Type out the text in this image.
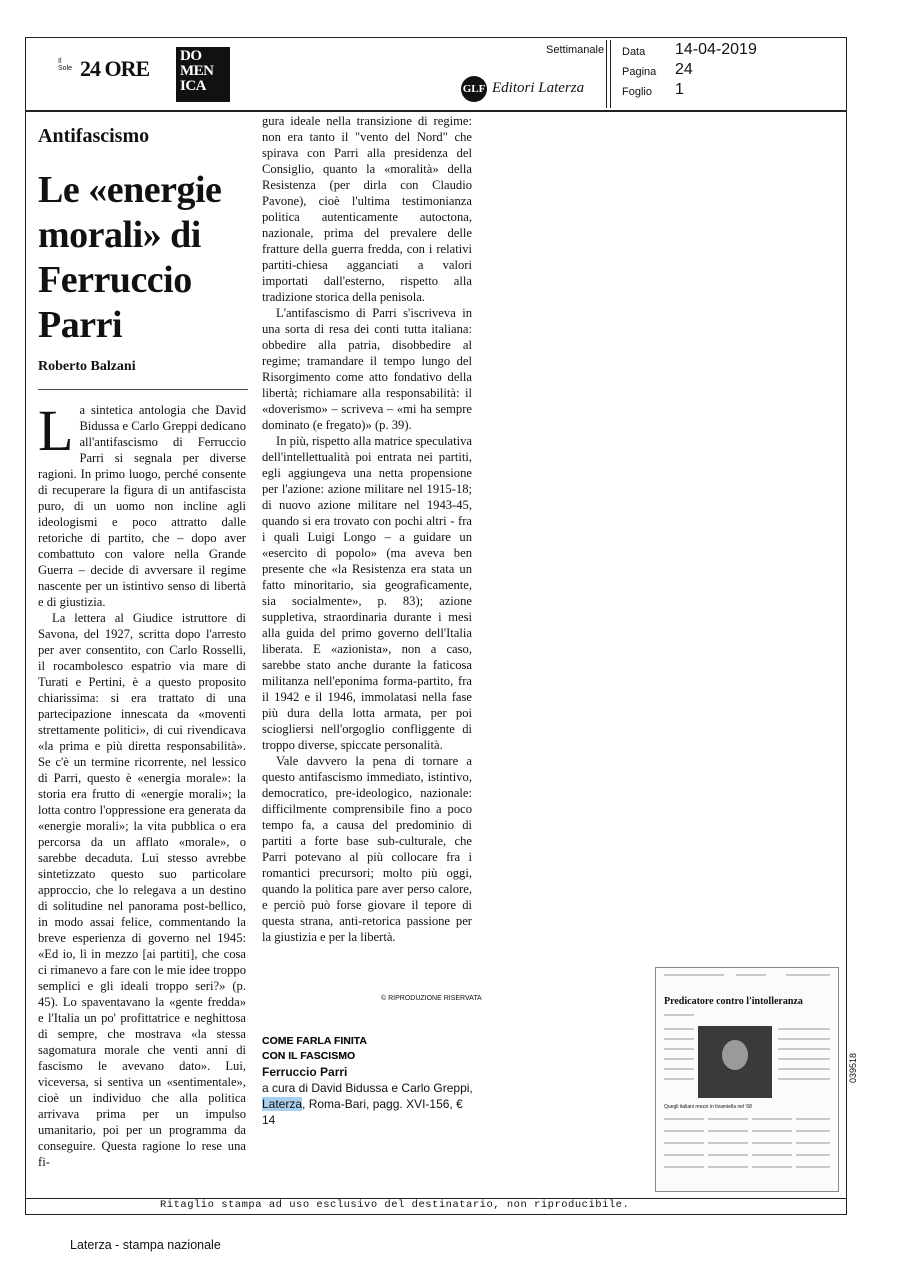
Il Sole 24 ORE DO
MEN
ICA
Settimanale
GLF Editori Laterza
Data 14-04-2019
Pagina 24
Foglio 1
Antifascismo
Le «energie morali» di Ferruccio Parri
Roberto Balzani

La sintetica antologia che David Bidussa e Carlo Greppi dedicano all'antifascismo di Ferruccio Parri si segnala per diverse ragioni. In primo luogo, perché consente di recuperare la figura di un antifascista puro, di un uomo non incline agli ideologismi e poco attratto dalle retoriche di partito, che – dopo aver combattuto con valore nella Grande Guerra – decide di avversare il regime nascente per un istintivo senso di libertà e di giustizia.

La lettera al Giudice istruttore di Savona, del 1927, scritta dopo l'arresto per aver consentito, con Carlo Rosselli, il rocambolesco espatrio via mare di Turati e Pertini, è a questo proposito chiarissima: si era trattato di una partecipazione innescata da «moventi strettamente politici», di cui rivendicava «la prima e più diretta responsabilità». Se c'è un termine ricorrente, nel lessico di Parri, questo è «energia morale»: la storia era frutto di «energie morali»; la lotta contro l'oppressione era generata da «energie morali»; la vita pubblica o era percorsa da un afflato «morale», o sarebbe decaduta. Lui stesso avrebbe sintetizzato questo suo particolare approccio, che lo relegava a un destino di solitudine nel panorama post-bellico, in modo assai felice, commentando la breve esperienza di governo nel 1945: «Ed io, lì in mezzo [ai partiti], che cosa ci rimanevo a fare con le mie idee troppo semplici e gli ideali troppo seri?» (p. 45). Lo spaventavano la «gente freddа» e l'Italia un po' profittatrice e neghittosa di sempre, che mostrava «la stessa sagomatura morale che venti anni di fascismo le avevano dato». Lui, viceversa, si sentiva un «sentimentale», cioè un individuo che alla politica arrivava prima per un impulso umanitario, poi per un programma da conseguire. Questa ragione lo rese una fi-

gura ideale nella transizione di regime: non era tanto il "vento del Nord" che spirava con Parri alla presidenza del Consiglio, quanto la «moralità» della Resistenza (per dirla con Claudio Pavone), cioè l'ultima testimonianza politica autenticamente autoctona, nazionale, prima del prevalere delle fratture della guerra fredda, con i relativi partiti-chiesa agganciati a valori importati dall'esterno, rispetto alla tradizione storica della penisola.

L'antifascismo di Parri s'iscriveva in una sorta di resa dei conti tutta italiana: obbedire alla patria, disobbedire al regime; tramandare il tempo lungo del Risorgimento come atto fondativo della libertà; richiamare alla responsabilità: il «doverismo» – scriveva – «mi ha sempre dominato (e fregato)» (p. 39).

In più, rispetto alla matrice speculativa dell'intellettualità poi entrata nei partiti, egli aggiungeva una netta propensione per l'azione: azione militare nel 1915-18; di nuovo azione militare nel 1943-45, quando si era trovato con pochi altri - fra i quali Luigi Longo – a guidare un «esercito di popolo» (ma aveva ben presente che «la Resistenza era stata un fatto minoritario, sia geograficamente, sia socialmente», p. 83); azione suppletiva, straordinaria durante i mesi alla guida del primo governo dell'Italia liberata. E «azionista», non a caso, sarebbe stato anche durante la faticosa militanza nell'eponima forma-partito, fra il 1942 e il 1946, immolatasi nella fase più dura della lotta armata, per poi sciogliersi nell'orgoglio confliggente di troppo diverse, spiccate personalità.

Vale davvero la pena di tornare a questo antifascismo immediato, istintivo, democratico, pre-ideologico, nazionale: difficilmente comprensibile fino a poco tempo fa, a causa del predominio di partiti a forte base sub-culturale, che Parri potevano al più collocare fra i romantici precursori; molto più oggi, quando la politica pare aver perso calore, e perciò può forse giovare il tepore di questa strana, anti-retorica passione per la giustizia e per la libertà.

© RIPRODUZIONE RISERVATA
COME FARLA FINITA
CON IL FASCISMO
Ferruccio Parri
a cura di David Bidussa e Carlo Greppi,
Laterza, Roma-Bari, pagg. XVI-156, € 14
Predicatore contro l'intolleranza
Quegli italiani mezzi in tivamiella nel '68
039518
Ritaglio stampa ad uso esclusivo del destinatario, non riproducibile.
Laterza - stampa nazionale
